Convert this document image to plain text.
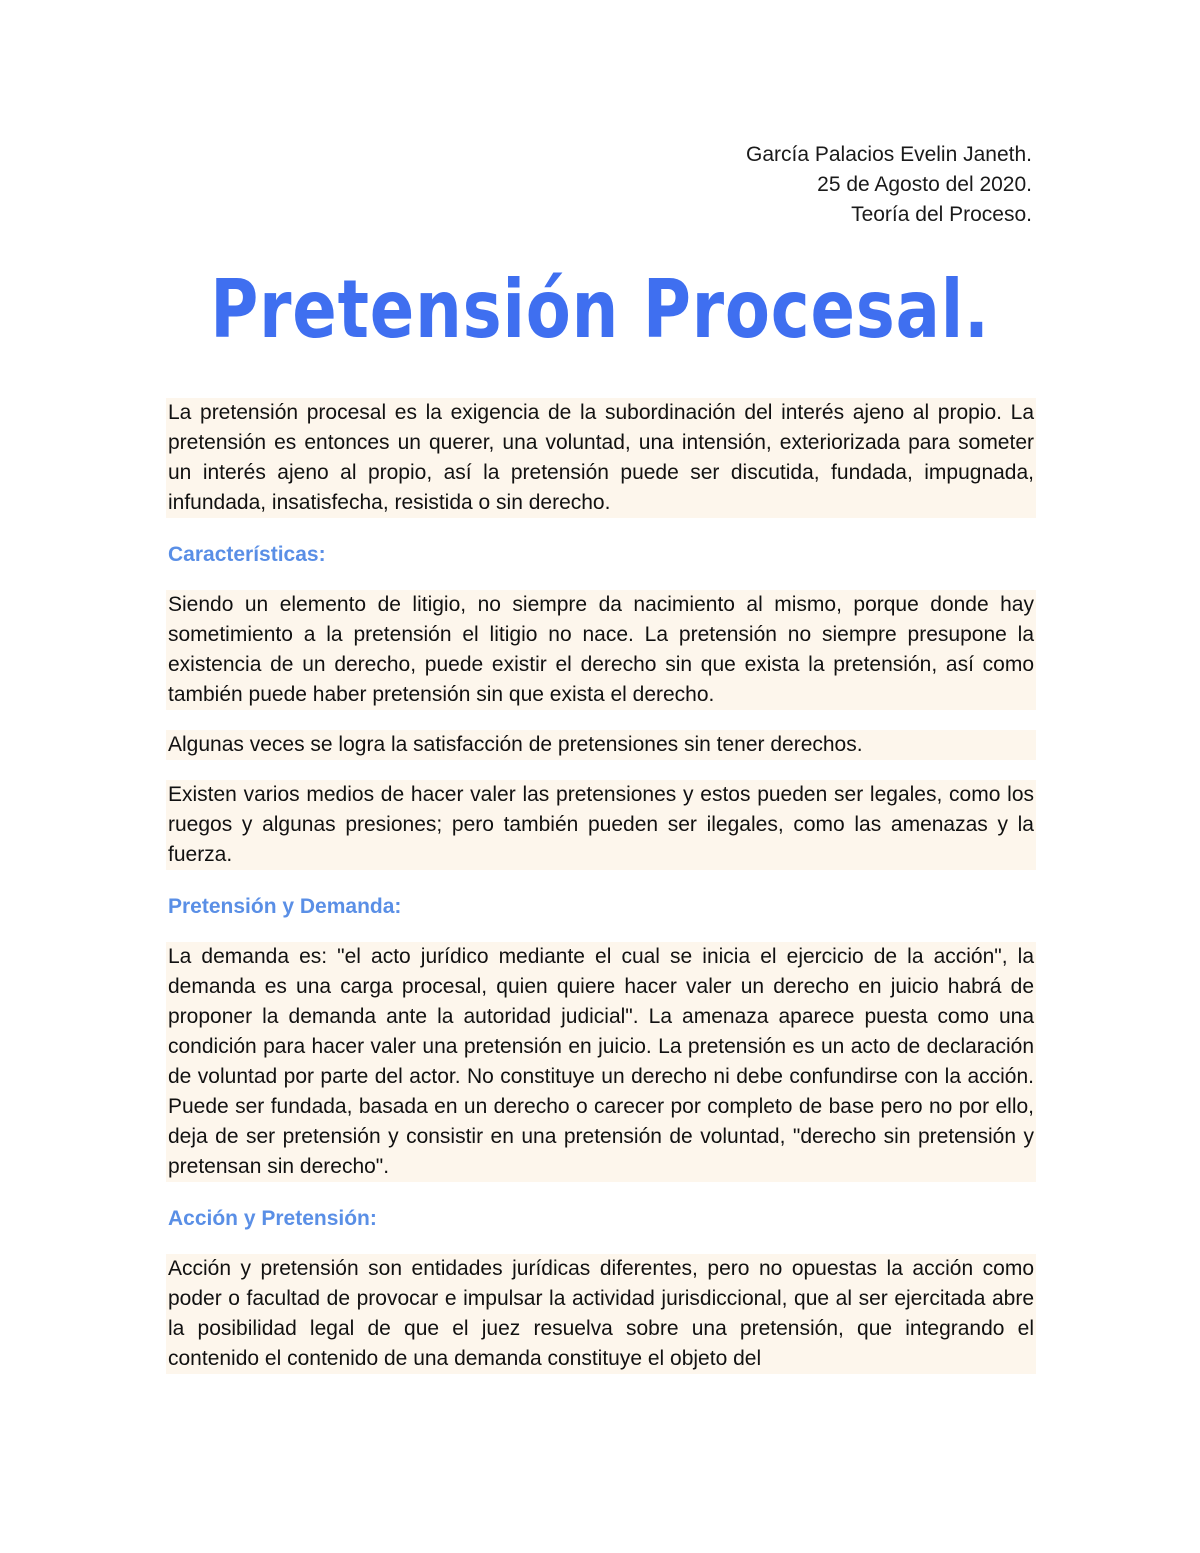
García Palacios Evelin Janeth.
25 de Agosto del 2020.
Teoría del Proceso.
Pretensión Procesal.

La pretensión procesal es la exigencia de la subordinación del interés ajeno al propio. La pretensión es entonces un querer, una voluntad, una intensión, exteriorizada para someter un interés ajeno al propio, así la pretensión puede ser discutida, fundada, impugnada, infundada, insatisfecha, resistida o sin derecho.

Características:

Siendo un elemento de litigio, no siempre da nacimiento al mismo, porque donde hay sometimiento a la pretensión el litigio no nace. La pretensión no siempre presupone la existencia de un derecho, puede existir el derecho sin que exista la pretensión, así como también puede haber pretensión sin que exista el derecho.

Algunas veces se logra la satisfacción de pretensiones sin tener derechos.

Existen varios medios de hacer valer las pretensiones y estos pueden ser legales, como los ruegos y algunas presiones; pero también pueden ser ilegales, como las amenazas y la fuerza.

Pretensión y Demanda:

La demanda es: "el acto jurídico mediante el cual se inicia el ejercicio de la acción", la demanda es una carga procesal, quien quiere hacer valer un derecho en juicio habrá de proponer la demanda ante la autoridad judicial". La amenaza aparece puesta como una condición para hacer valer una pretensión en juicio. La pretensión es un acto de declaración de voluntad por parte del actor. No constituye un derecho ni debe confundirse con la acción. Puede ser fundada, basada en un derecho o carecer por completo de base pero no por ello, deja de ser pretensión y consistir en una pretensión de voluntad, "derecho sin pretensión y pretensan sin derecho".

Acción y Pretensión:

Acción y pretensión son entidades jurídicas diferentes, pero no opuestas la acción como poder o facultad de provocar e impulsar la actividad jurisdiccional, que al ser ejercitada abre la posibilidad legal de que el juez resuelva sobre una pretensión, que integrando el contenido el contenido de una demanda constituye el objeto del
